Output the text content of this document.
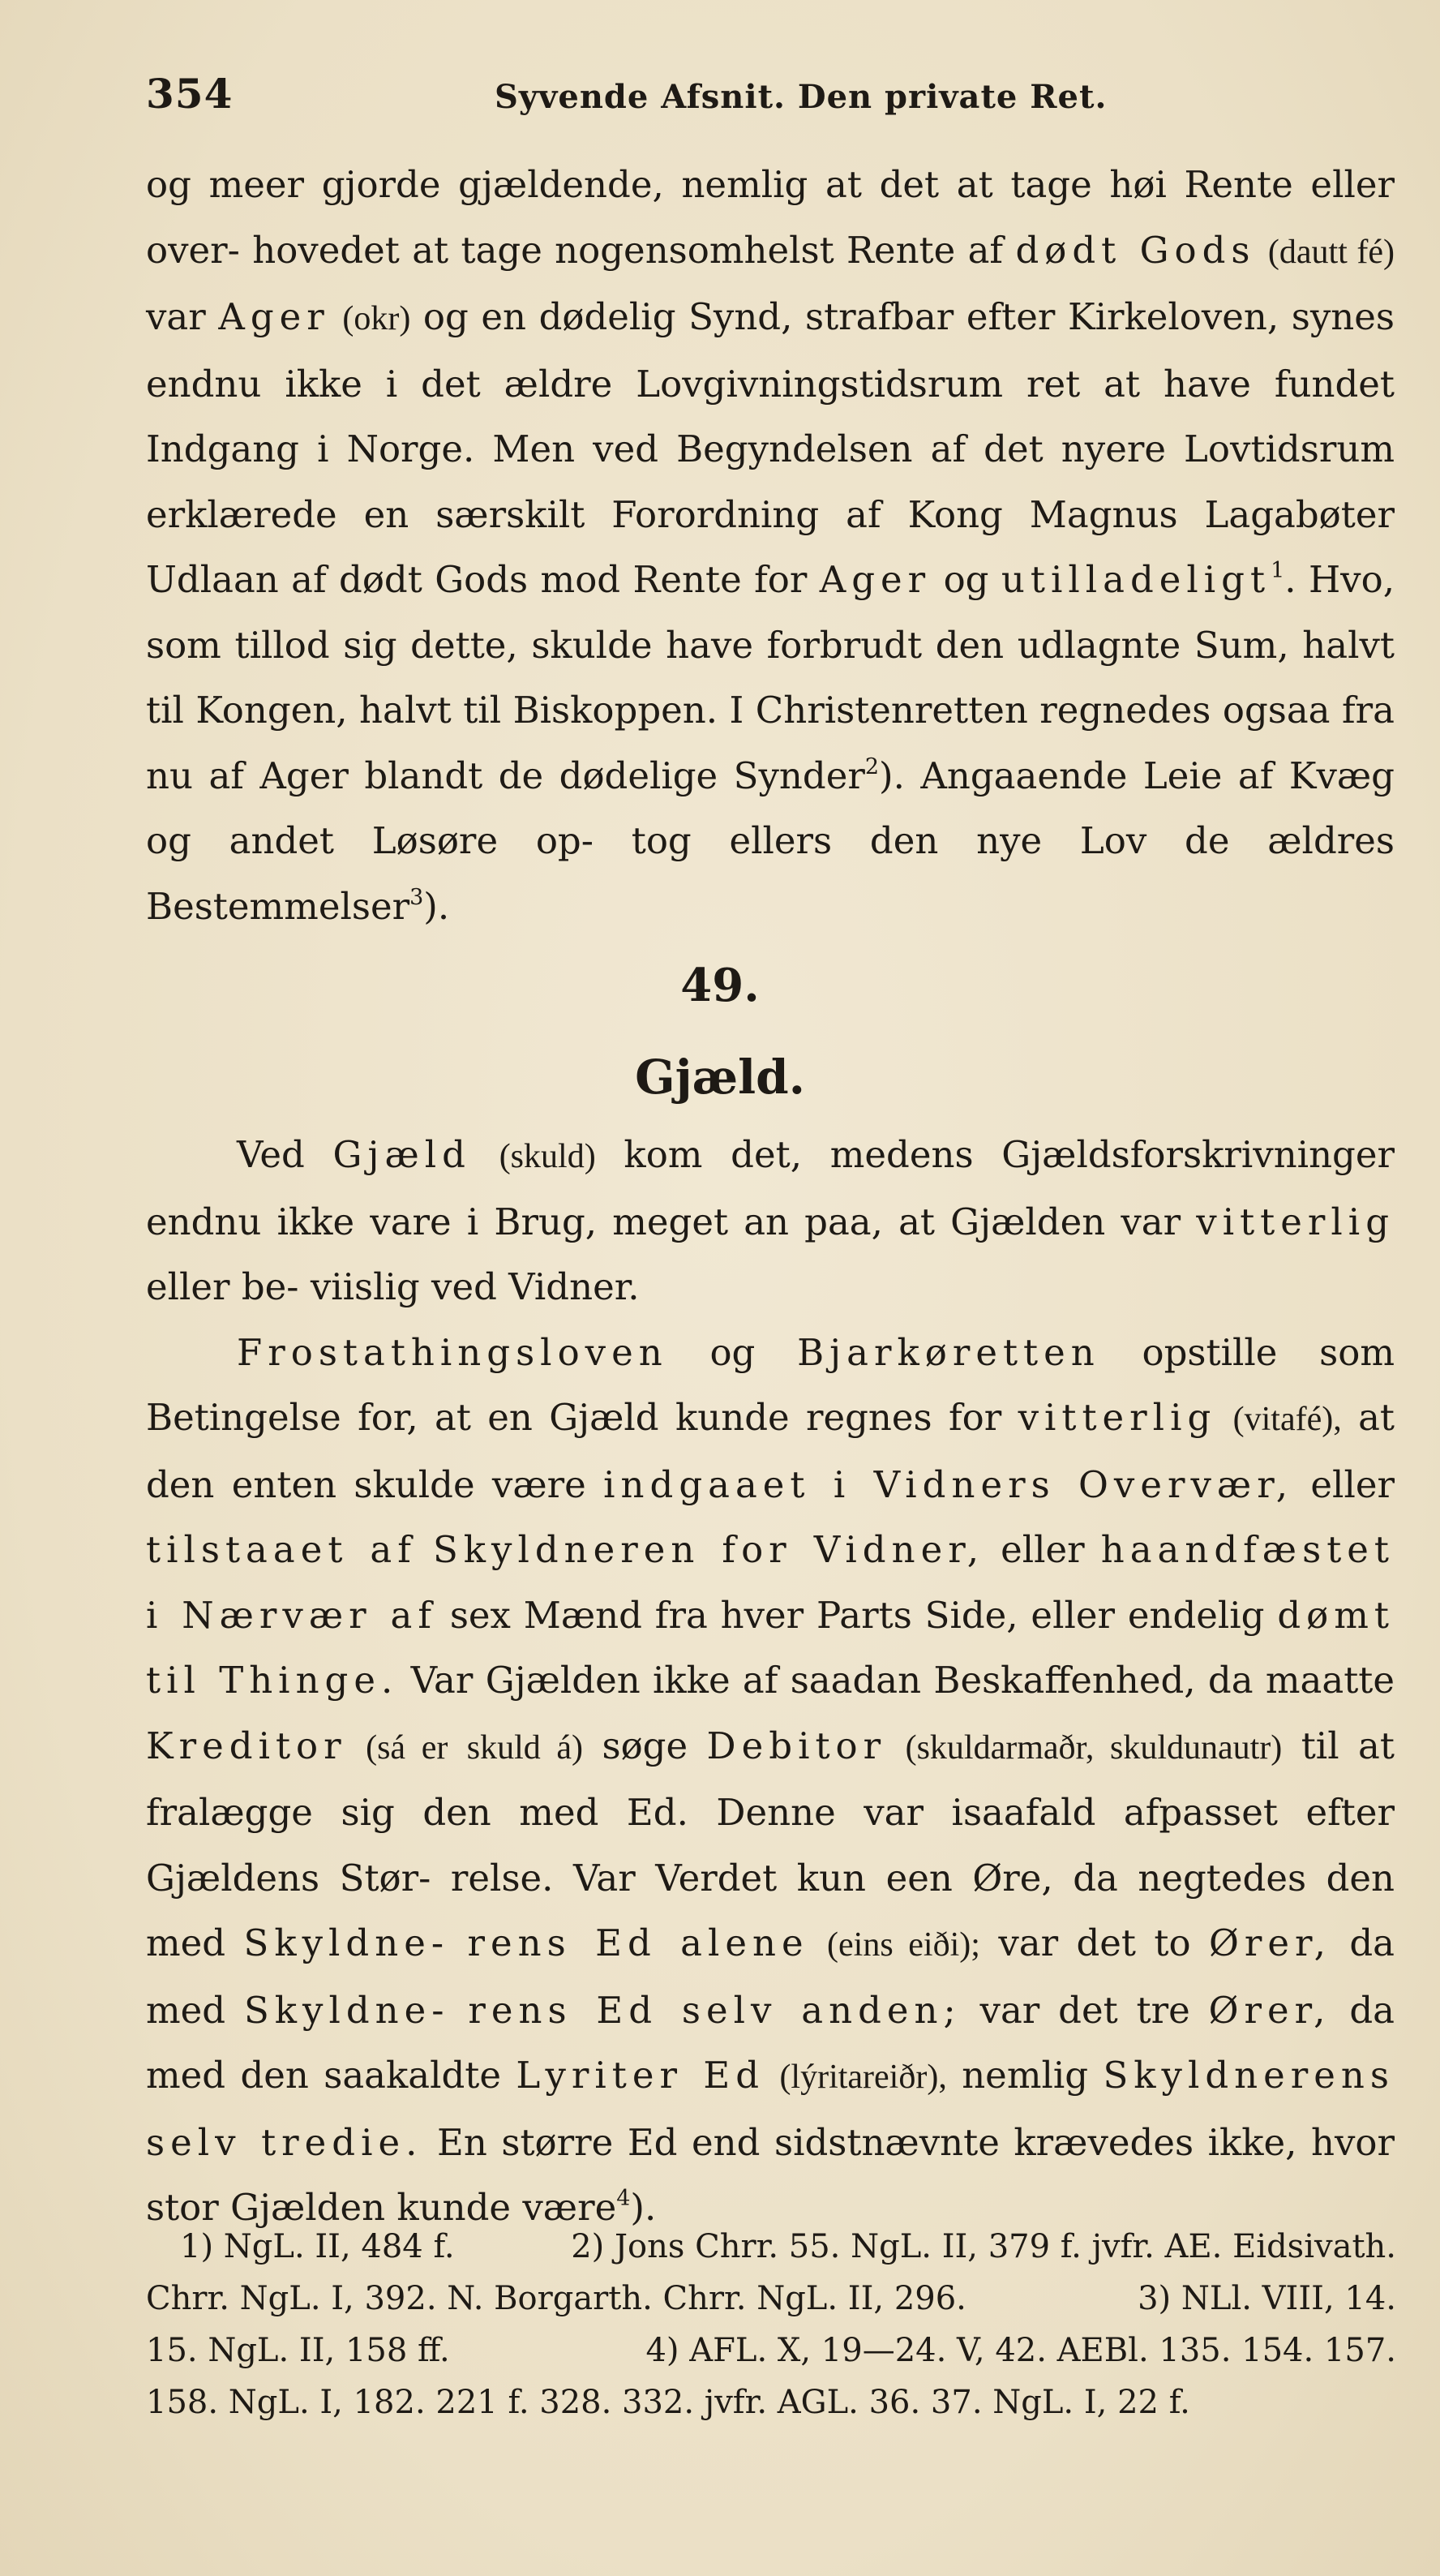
354	Syvende Afsnit. Den private Ret.

og meer gjorde gjældende, nemlig at det at tage høi Rente eller over- hovedet at tage nogensomhelst Rente af dødt Gods (dautt fé) var Ager (okr) og en dødelig Synd, strafbar efter Kirkeloven, synes endnu ikke i det ældre Lovgivningstidsrum ret at have fundet Indgang i Norge. Men ved Begyndelsen af det nyere Lovtidsrum erklærede en særskilt Forordning af Kong Magnus Lagabøter Udlaan af dødt Gods mod Rente for Ager og utilladeligt$^1$. Hvo, som tillod sig dette, skulde have forbrudt den udlagnte Sum, halvt til Kongen, halvt til Biskoppen. I Christenretten regnedes ogsaa fra nu af Ager blandt de dødelige Synder$^2$). Angaaende Leie af Kvæg og andet Løsøre op- tog ellers den nye Lov de ældres Bestemmelser$^3$).

49.
Gjæld.

Ved Gjæld (skuld) kom det, medens Gjældsforskrivninger endnu ikke vare i Brug, meget an paa, at Gjælden var vitterlig eller be- viislig ved Vidner.

Frostathingsloven og Bjarkøretten opstille som Betingelse for, at en Gjæld kunde regnes for vitterlig (vitafé), at den enten skulde være indgaaet i Vidners Overvær, eller tilstaaet af Skyldneren for Vidner, eller haandfæstet i Nærvær af sex Mænd fra hver Parts Side, eller endelig dømt til Thinge. Var Gjælden ikke af saadan Beskaffenhed, da maatte Kreditor (sá er skuld á) søge Debitor (skuldarmaðr, skuldunautr) til at fralægge sig den med Ed. Denne var isaafald afpasset efter Gjældens Stør- relse. Var Verdet kun een Øre, da negtedes den med Skyldne- rens Ed alene (eins eiði); var det to Ører, da med Skyldne- rens Ed selv anden; var det tre Ører, da med den saakaldte Lyriter Ed (lýritareiðr), nemlig Skyldnerens selv tredie. En større Ed end sidstnævnte krævedes ikke, hvor stor Gjælden kunde være$^4$).

1) NgL. II, 484 f.	2) Jons Chrr. 55. NgL. II, 379 f. jvfr. AE. Eidsivath.
Chrr. NgL. I, 392. N. Borgarth. Chrr. NgL. II, 296.	3) NLl. VIII, 14.
15. NgL. II, 158 ff.	4) AFL. X, 19—24. V, 42. AEBl. 135. 154. 157.
158. NgL. I, 182. 221 f. 328. 332. jvfr. AGL. 36. 37. NgL. I, 22 f.
